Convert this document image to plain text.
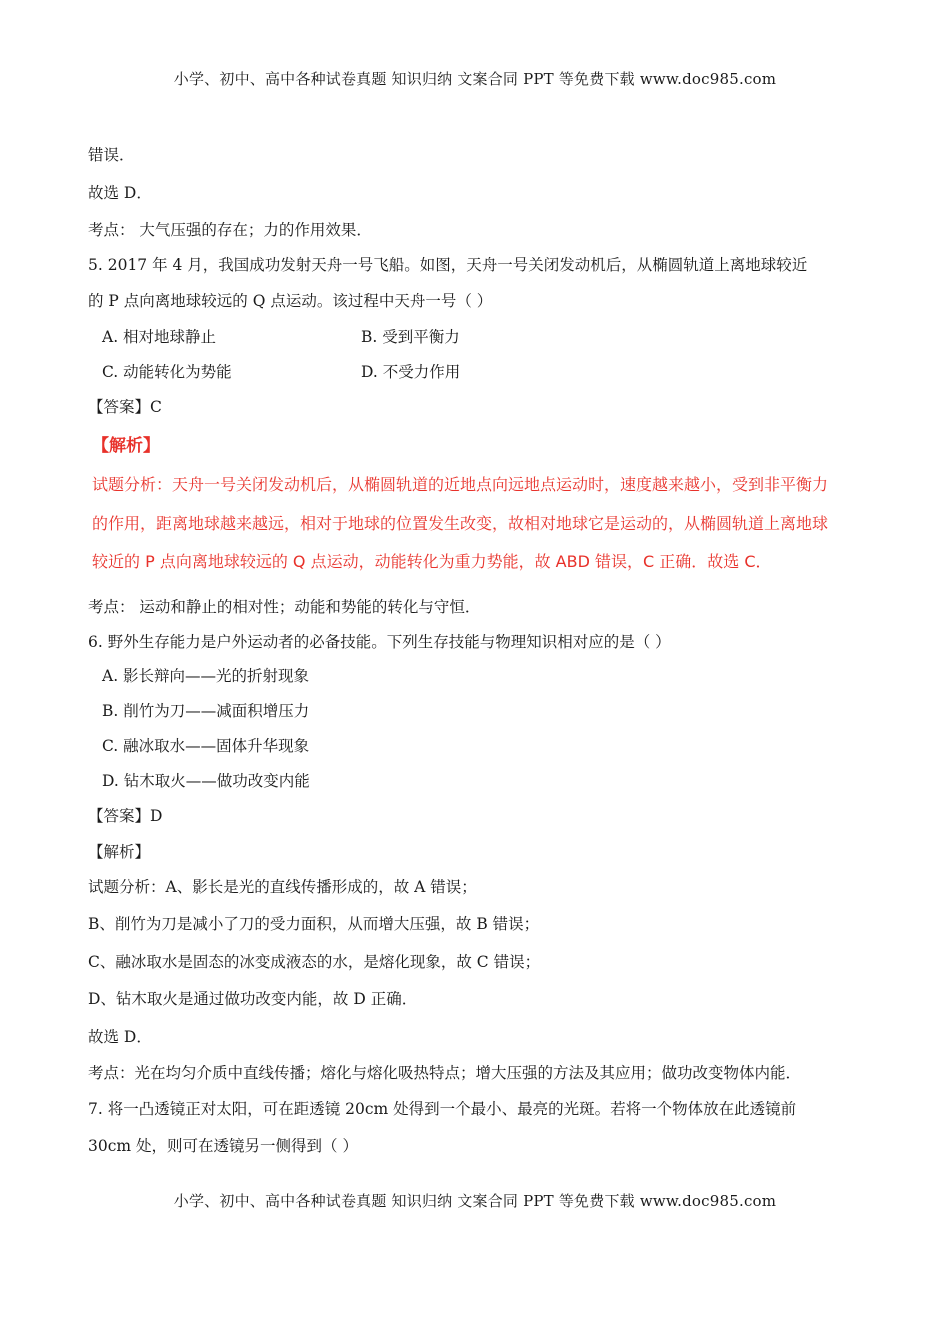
小学、初中、高中各种试卷真题 知识归纳 文案合同 PPT 等免费下载 www.doc985.com
错误．
故选 D．
考点： 大气压强的存在；力的作用效果．
5. 2017 年 4 月，我国成功发射天舟一号飞船。如图，天舟一号关闭发动机后，从椭圆轨道上离地球较近
的 P 点向离地球较远的 Q 点运动。该过程中天舟一号（ ）
A. 相对地球静止	B. 受到平衡力
C. 动能转化为势能	D. 不受力作用
【答案】C
【解析】
试题分析：天舟一号关闭发动机后，从椭圆轨道的近地点向远地点运动时，速度越来越小，受到非平衡力
的作用，距离地球越来越远，相对于地球的位置发生改变，故相对地球它是运动的，从椭圆轨道上离地球
较近的 P 点向离地球较远的 Q 点运动，动能转化为重力势能，故 ABD 错误，C 正确．故选 C．
考点： 运动和静止的相对性；动能和势能的转化与守恒．
6. 野外生存能力是户外运动者的必备技能。下列生存技能与物理知识相对应的是（ ）
A. 影长辩向——光的折射现象
B. 削竹为刀——减面积增压力
C. 融冰取水——固体升华现象
D. 钻木取火——做功改变内能
【答案】D
【解析】
试题分析：A、影长是光的直线传播形成的，故 A 错误；
B、削竹为刀是减小了刀的受力面积，从而增大压强，故 B 错误；
C、融冰取水是固态的冰变成液态的水，是熔化现象，故 C 错误；
D、钻木取火是通过做功改变内能，故 D 正确．
故选 D．
考点：光在均匀介质中直线传播；熔化与熔化吸热特点；增大压强的方法及其应用；做功改变物体内能．
7. 将一凸透镜正对太阳，可在距透镜 20cm 处得到一个最小、最亮的光斑。若将一个物体放在此透镜前
30cm 处，则可在透镜另一侧得到（ ）
小学、初中、高中各种试卷真题 知识归纳 文案合同 PPT 等免费下载 www.doc985.com
